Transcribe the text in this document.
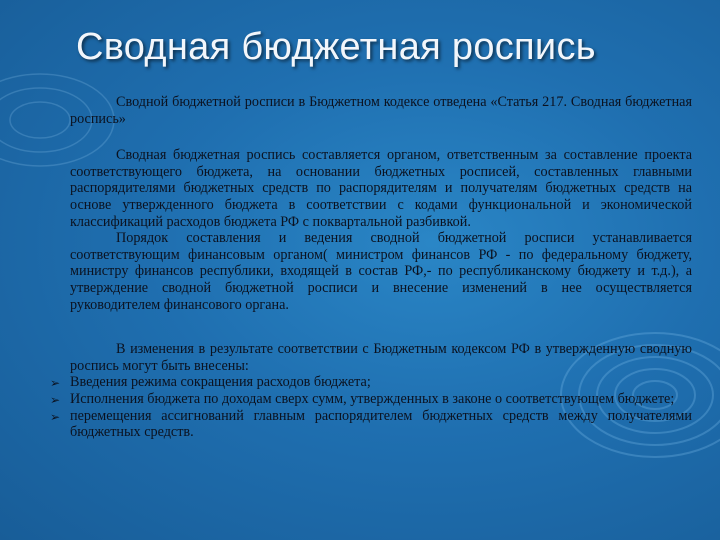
Сводная бюджетная роспись

Сводной бюджетной росписи в Бюджетном кодексе отведена «Статья 217. Сводная бюджетная роспись»

Сводная бюджетная роспись составляется органом, ответственным за составление проекта соответствующего бюджета, на основании бюджетных росписей, составленных главными распорядителями бюджетных средств по распорядителям и получателям бюджетных средств на основе утвержденного бюджета в соответствии с кодами функциональной и экономической классификаций расходов бюджета РФ с поквартальной разбивкой.

Порядок составления и ведения сводной бюджетной росписи устанавливается соответствующим финансовым органом( министром финансов РФ - по федеральному бюджету, министру финансов республики, входящей в состав РФ,- по республиканскому бюджету и т.д.), а утверждение сводной бюджетной росписи и внесение изменений в нее осуществляется руководителем финансового органа.

В изменения в результате соответствии с Бюджетным кодексом РФ в утвержденную сводную роспись могут быть внесены:

➢ Введения режима сокращения расходов бюджета;
➢ Исполнения бюджета по доходам сверх сумм, утвержденных в законе о соответствующем бюджете;
➢ перемещения ассигнований главным распорядителем бюджетных средств между получателями бюджетных средств.
